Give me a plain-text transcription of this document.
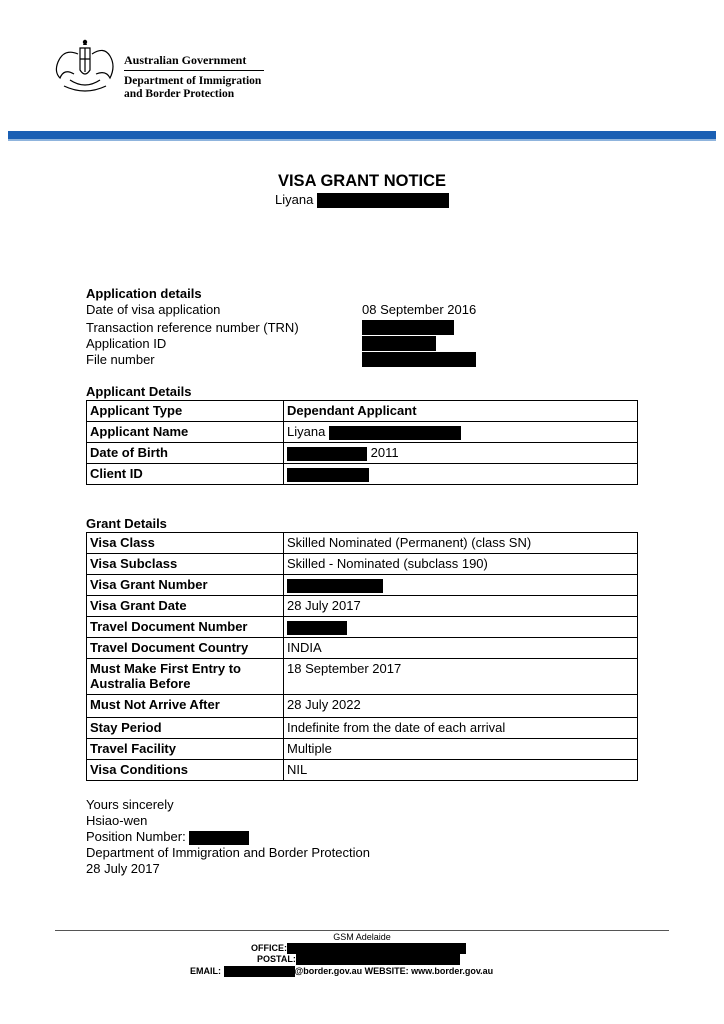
Australian Government
Department of Immigration
and Border Protection
VISA GRANT NOTICE
Liyana
Application details
Date of visa application	08 September 2016
Transaction reference number (TRN)
Application ID
File number
Applicant Details
Applicant Type	Dependant Applicant
Applicant Name	Liyana
Date of Birth	2011
Client ID	
Grant Details
Visa Class	Skilled Nominated (Permanent) (class SN)
Visa Subclass	Skilled - Nominated (subclass 190)
Visa Grant Number	
Visa Grant Date	28 July 2017
Travel Document Number	
Travel Document Country	INDIA
Must Make First Entry to Australia Before	18 September 2017
Must Not Arrive After	28 July 2022
Stay Period	Indefinite from the date of each arrival
Travel Facility	Multiple
Visa Conditions	NIL
Yours sincerely
Hsiao-wen
Position Number:
Department of Immigration and Border Protection
28 July 2017
GSM Adelaide
OFFICE:
POSTAL:
EMAIL:	@border.gov.au WEBSITE: www.border.gov.au
